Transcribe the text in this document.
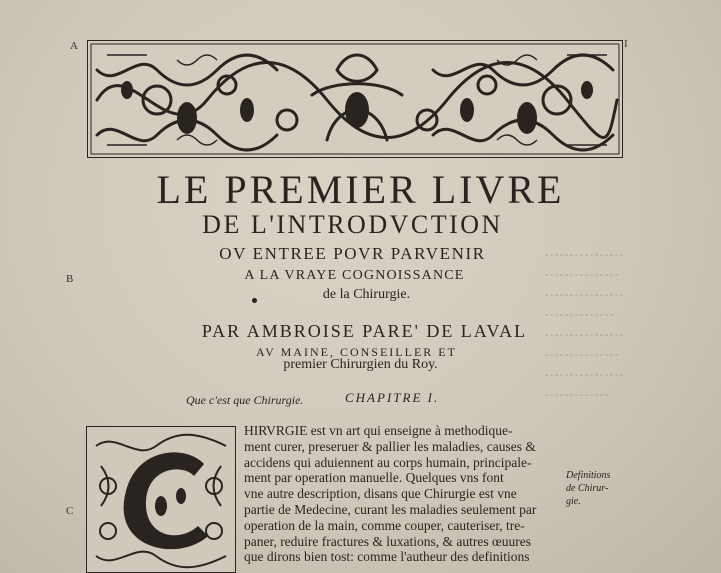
A
B
C
I
LE PREMIER LIVRE
DE L'INTRODVCTION
OV ENTREE POVR PARVENIR
A LA VRAYE COGNOISSANCE
de la Chirurgie.
PAR AMBROISE PARE' DE LAVAL
AV MAINE, CONSEILLER ET
premier Chirurgien du Roy.
Que c'est que Chirurgie.	CHAPITRE I.
HIRVRGIE est vn art qui enseigne à methodique-
ment curer, preseruer & pallier les maladies, causes &
accidens qui aduiennent au corps humain, principale-
ment par operation manuelle. Quelques vns font
vne autre description, disans que Chirurgie est vne
partie de Medecine, curant les maladies seulement par
operation de la main, comme couper, cauteriser, tre-
paner, reduire fractures & luxations, & autres œuures
que dirons bien tost: comme l'autheur des definitions
Definitions
de Chirur-
gie.
